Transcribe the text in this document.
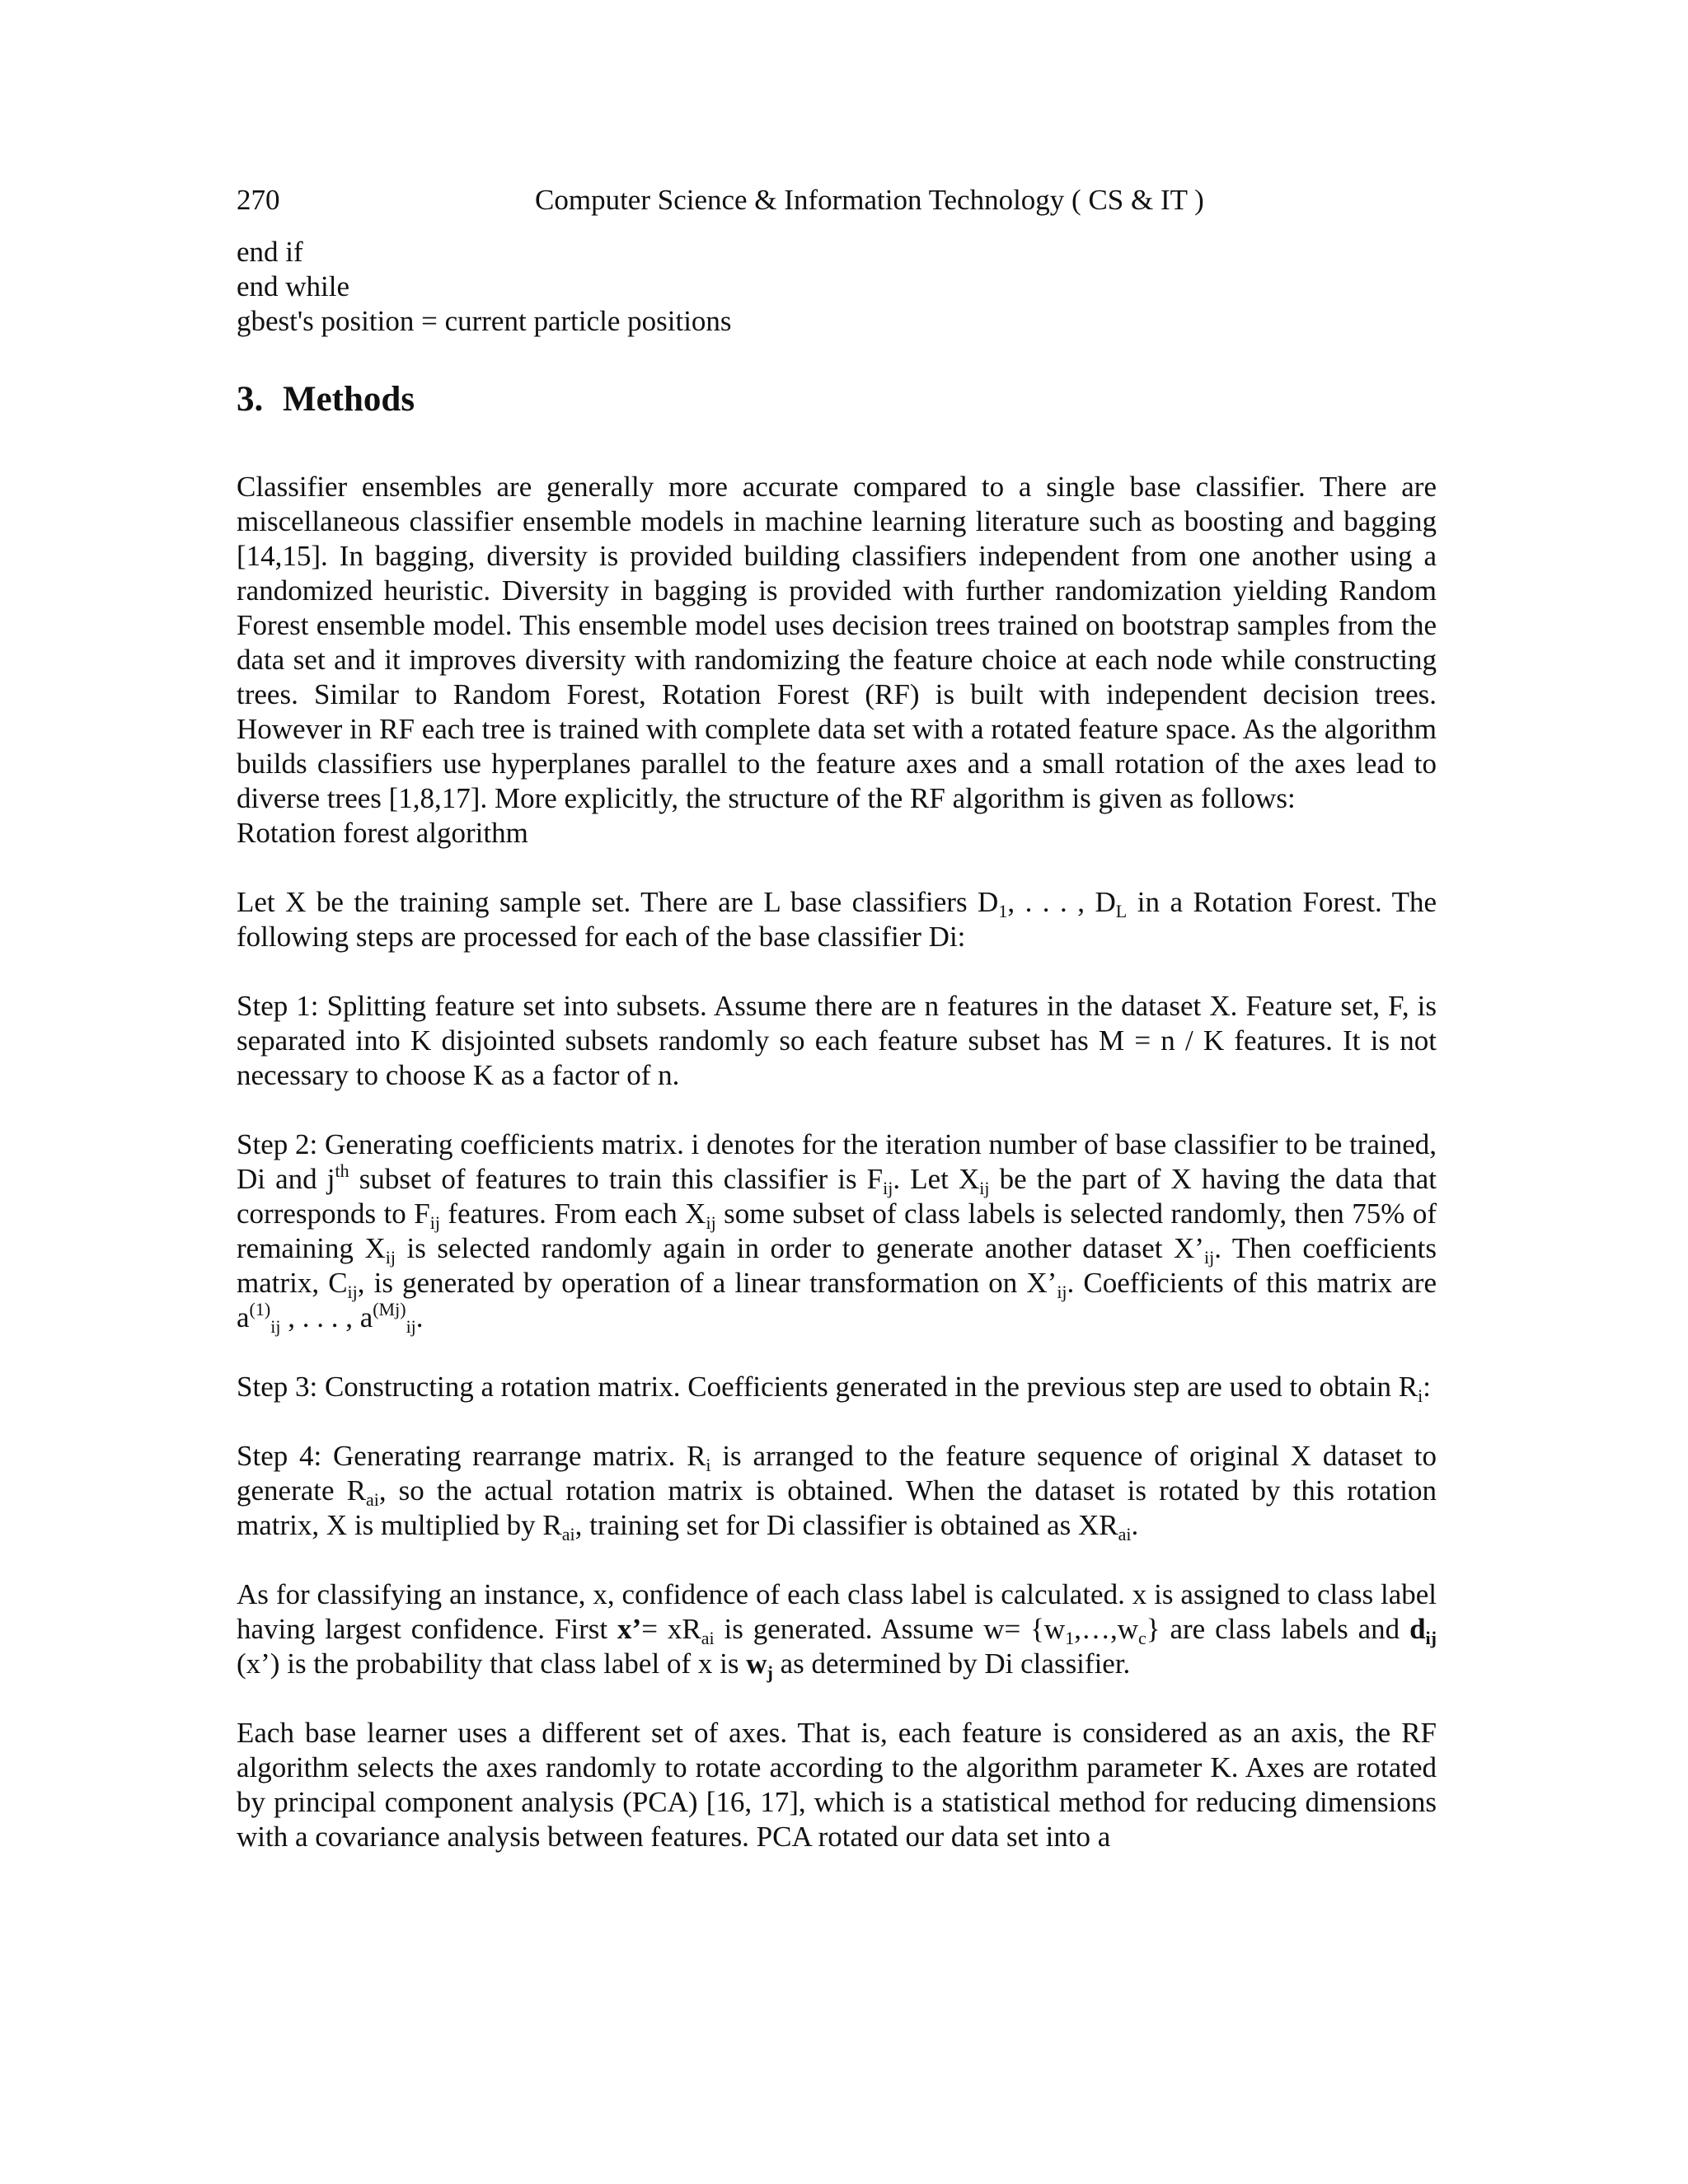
270	Computer Science & Information Technology ( CS & IT )
end if
end while
gbest's position = current particle positions
3. Methods

Classifier ensembles are generally more accurate compared to a single base classifier. There are miscellaneous classifier ensemble models in machine learning literature such as boosting and bagging [14,15]. In bagging, diversity is provided building classifiers independent from one another using a randomized heuristic. Diversity in bagging is provided with further randomization yielding Random Forest ensemble model. This ensemble model uses decision trees trained on bootstrap samples from the data set and it improves diversity with randomizing the feature choice at each node while constructing trees. Similar to Random Forest, Rotation Forest (RF) is built with independent decision trees. However in RF each tree is trained with complete data set with a rotated feature space. As the algorithm builds classifiers use hyperplanes parallel to the feature axes and a small rotation of the axes lead to diverse trees [1,8,17]. More explicitly, the structure of the RF algorithm is given as follows:

Rotation forest algorithm

Let X be the training sample set. There are L base classifiers $D_1$, . . . , $D_L$ in a Rotation Forest. The following steps are processed for each of the base classifier Di:

Step 1: Splitting feature set into subsets. Assume there are n features in the dataset X. Feature set, F, is separated into K disjointed subsets randomly so each feature subset has M = n / K features. It is not necessary to choose K as a factor of n.

Step 2: Generating coefficients matrix. i denotes for the iteration number of base classifier to be trained, Di and $j^{th}$ subset of features to train this classifier is $F_{ij}$. Let $X_{ij}$ be the part of X having the data that corresponds to $F_{ij}$ features. From each $X_{ij}$ some subset of class labels is selected randomly, then 75% of remaining $X_{ij}$ is selected randomly again in order to generate another dataset $X’_{ij}$. Then coefficients matrix, $C_{ij}$, is generated by operation of a linear transformation on $X’_{ij}$. Coefficients of this matrix are $a^{(1)}_{ij}$ , . . . , $a^{(Mj)}_{ij}$.

Step 3: Constructing a rotation matrix. Coefficients generated in the previous step are used to obtain $R_i$:

Step 4: Generating rearrange matrix. $R_i$ is arranged to the feature sequence of original X dataset to generate $R_{ai}$, so the actual rotation matrix is obtained. When the dataset is rotated by this rotation matrix, X is multiplied by $R_{ai}$, training set for Di classifier is obtained as $XR_{ai}$.

As for classifying an instance, x, confidence of each class label is calculated. x is assigned to class label having largest confidence. First x’= $xR_{ai}$ is generated. Assume $w= \{w_1,\dots,w_c\}$ are class labels and $d_{ij}$ (x’) is the probability that class label of x is $w_j$ as determined by Di classifier.

Each base learner uses a different set of axes. That is, each feature is considered as an axis, the RF algorithm selects the axes randomly to rotate according to the algorithm parameter K. Axes are rotated by principal component analysis (PCA) [16, 17], which is a statistical method for reducing dimensions with a covariance analysis between features. PCA rotated our data set into a
